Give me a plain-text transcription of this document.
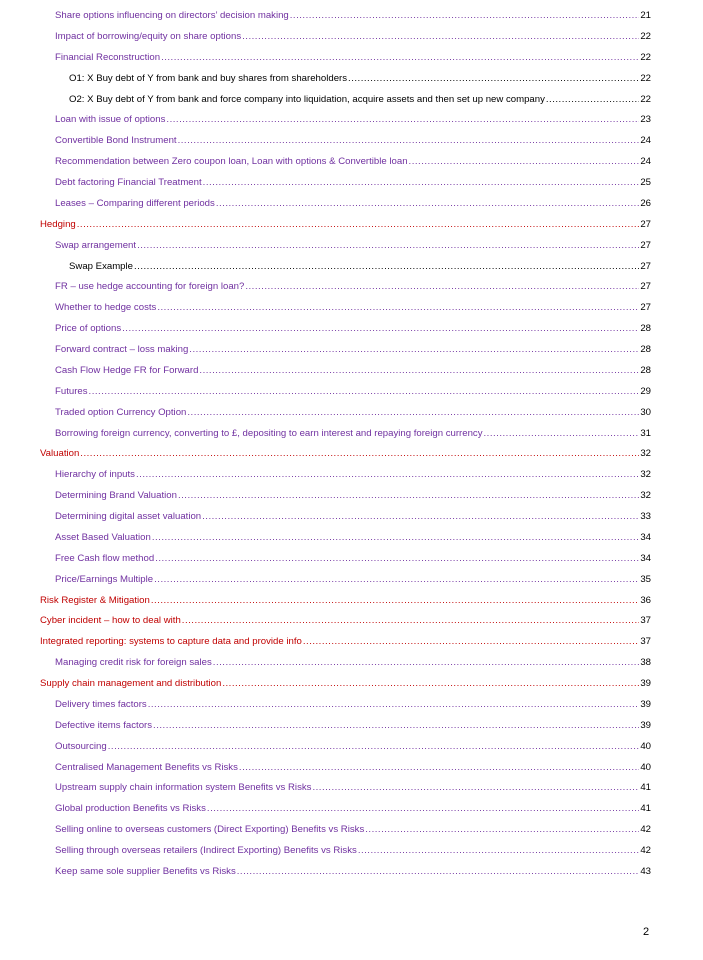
Share options influencing on directors’ decision making .....	21
Impact of borrowing/equity on share options .....	22
Financial Reconstruction .....	22
O1: X Buy debt of Y from bank and buy shares from shareholders .....	22
O2: X Buy debt of Y from bank and force company into liquidation, acquire assets and then set up new company .....	22
Loan with issue of options .....	23
Convertible Bond Instrument .....	24
Recommendation between Zero coupon loan, Loan with options & Convertible loan .....	24
Debt factoring Financial Treatment .....	25
Leases – Comparing different periods .....	26
Hedging .....	27
Swap arrangement .....	27
Swap Example .....	27
FR – use hedge accounting for foreign loan? .....	27
Whether to hedge costs .....	27
Price of options .....	28
Forward contract – loss making .....	28
Cash Flow Hedge FR for Forward .....	28
Futures .....	29
Traded option Currency Option .....	30
Borrowing foreign currency, converting to £, depositing to earn interest and repaying foreign currency .....	31
Valuation .....	32
Hierarchy of inputs .....	32
Determining Brand Valuation .....	32
Determining digital asset valuation .....	33
Asset Based Valuation .....	34
Free Cash flow method .....	34
Price/Earnings Multiple .....	35
Risk Register & Mitigation .....	36
Cyber incident – how to deal with .....	37
Integrated reporting: systems to capture data and provide info .....	37
Managing credit risk for foreign sales .....	38
Supply chain management and distribution .....	39
Delivery times factors .....	39
Defective items factors .....	39
Outsourcing .....	40
Centralised Management Benefits vs Risks .....	40
Upstream supply chain information system Benefits vs Risks .....	41
Global production Benefits vs Risks .....	41
Selling online to overseas customers (Direct Exporting) Benefits vs Risks .....	42
Selling through overseas retailers (Indirect Exporting) Benefits vs Risks .....	42
Keep same sole supplier Benefits vs Risks .....	43
2
